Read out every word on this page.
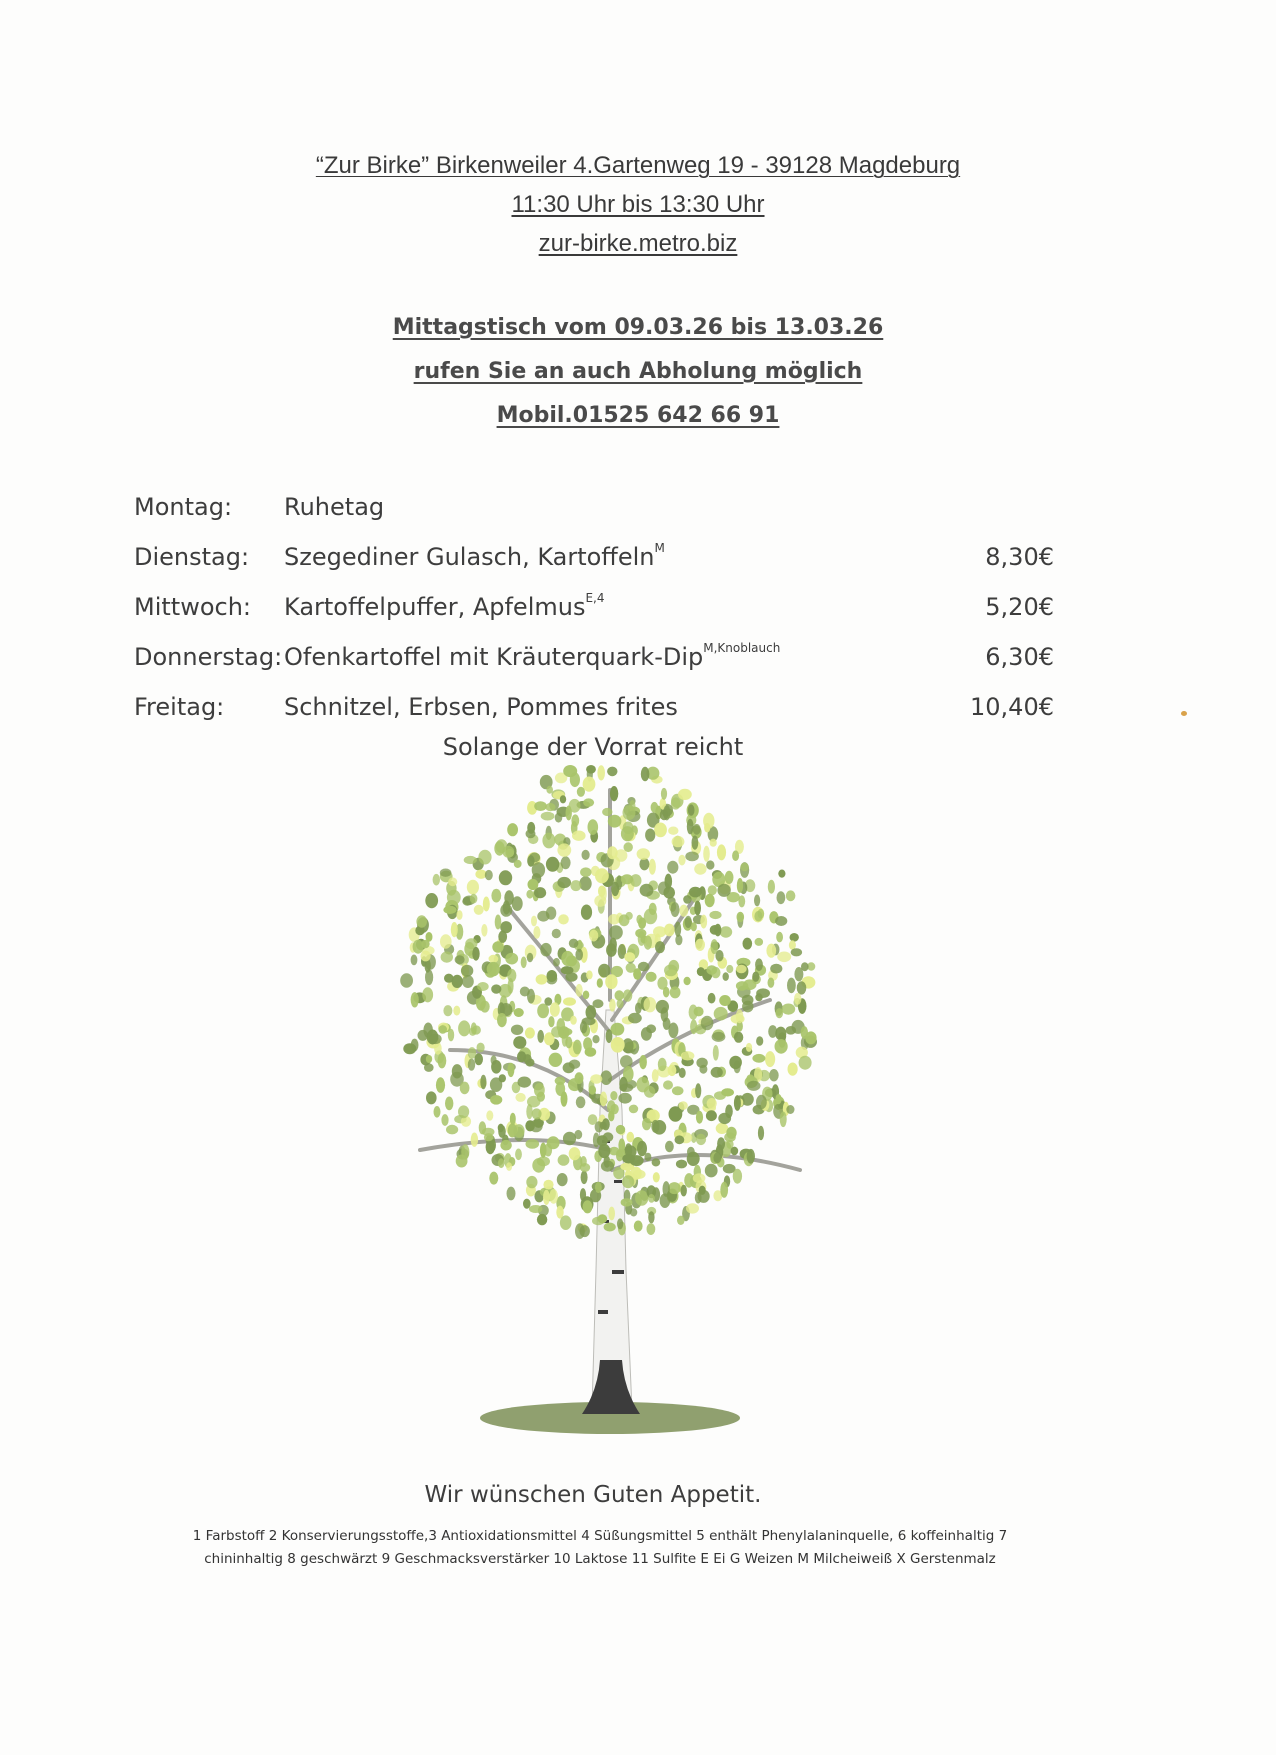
“Zur Birke” Birkenweiler 4.Gartenweg 19 - 39128 Magdeburg
11:30 Uhr bis 13:30 Uhr
zur-birke.metro.biz
Mittagstisch vom 09.03.26 bis 13.03.26
rufen Sie an auch Abholung möglich
Mobil.01525 642 66 91
Montag: Ruhetag
Dienstag: Szegediner Gulasch, Kartoffeln$^M$	8,30€
Mittwoch: Kartoffelpuffer, Apfelmus$^{E,4}$	5,20€
Donnerstag: Ofenkartoffel mit Kräuterquark-Dip$^{M,Knoblauch}$	6,30€
Freitag: Schnitzel, Erbsen, Pommes frites	10,40€
Solange der Vorrat reicht
Wir wünschen Guten Appetit.
1 Farbstoff 2 Konservierungsstoffe,3 Antioxidationsmittel 4 Süßungsmittel 5 enthält Phenylalaninquelle, 6 koffeinhaltig 7
chininhaltig 8 geschwärzt 9 Geschmacksverstärker 10 Laktose 11 Sulfite E Ei G Weizen M Milcheiweiß X Gerstenmalz
